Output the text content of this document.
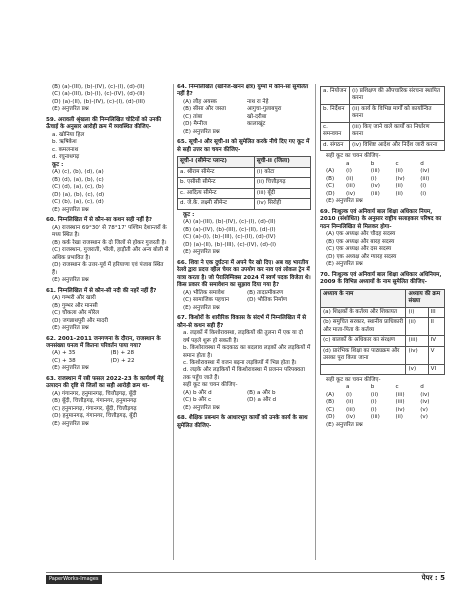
(B) (a)-(III), (b)-(IV), (c)-(I), (d)-(II)
(C) (a)-(III), (b)-(I), (c)-(IV), (d)-(II)
(D) (a)-(II), (b)-(IV), (c)-(I), (d)-(III)
(E) अनुत्तरित प्रश्न
59. अरावली श्रृंखला की निम्नलिखित चोटियों को उनकी ऊँचाई के अनुसार आरोही क्रम में व्यवस्थित कीजिए-
a. खोनिया हिल
b. ऋषिकेश
c. कमलनाथ
d. रघुनाथगढ़
कूट :
(A) (c), (b), (d), (a)
(B) (d), (a), (b), (c)
(C) (d), (a), (c), (b)
(D) (a), (b), (c), (d)
(C) (b), (a), (c), (d)
(E) अनुत्तरित प्रश्न
60. निम्नलिखित में से कौन-सा कथन सही नहीं है?
(A) राजस्थान 69°30' से 78°17' पश्चिम देशान्तरों के मध्य स्थित है।
(B) कर्क रेखा राजस्थान के दो जिलों से होकर गुजरती है।
(C) राजस्थान, गुजराती, भीली, हाड़ौती और अन्य बोली से अधिक प्रभावित है।
(D) राजस्थान के उत्तर-पूर्व में हरियाणा एवं पंजाब स्थित हैं।
(E) अनुत्तरित प्रश्न
61. निम्नलिखित में से कौन-सी नदी की नहरें नहीं हैं?
(A) गम्भरी और खारी
(B) गुम्भर और मानसी
(C) चौकला और मोरेल
(D) जगन्नाथपुरी और मादरी
(E) अनुत्तरित प्रश्न
62. 2001–2011 जनगणना के दौरान, राजस्थान के जनसंख्या घनत्व में कितना परिवर्तन पाया गया?
(A) + 35	(B) + 28
(C) + 38	(D) + 22
(E) अनुत्तरित प्रश्न
63. राजस्थान में रबी फसल 2022-23 के कार्यवर्ष मेंहूं उत्पादन की दृष्टि से जिलों का सही आरोही क्रम था-
(A) गंगानगर, हनुमानगढ़, चित्तौड़गढ़, बूँदी
(B) बूँदी, चित्तौड़गढ़, गंगानगर, हनुमानगढ़
(C) हनुमानगढ़, गंगानगर, बूँदी, चित्तौड़गढ़
(D) हनुमानगढ़, गंगानगर, चित्तौड़गढ़, बूँदी
(E) अनुत्तरित प्रश्न
64. निम्नलिखित (खनिज-खनन क्षेत्र) युग्मों में कौन-सा सुमेलित नहीं है?
(A) लौह अयस्क	नाथ रा नेहे
(B) सीसा और जस्ता	आगुचा-गुलाबपुरा
(C) तांबा	खो-दरीबा
(D) मैग्नीज	कालाखूंट
(E) अनुत्तरित प्रश्न
65. सूची-I और सूची-II को सुमेलित करके नीचे दिए गए कूट में से सही उत्तर का चयन कीजिए-
सूची-I (सीमेन्ट प्लान्ट)	सूची-II (जिला)
a. श्रीराम सीमेन्ट	(i) कोटा
b. एसीसी सीमेन्ट	(ii) चित्तौड़गढ़
c. आदित्य सीमेन्ट	(iii) बूँदी
d. जे.के. लक्ष्मी सीमेन्ट	(iv) सिरोही
कूट :
(A) (a)-(III), (b)-(IV), (c)-(I), (d)-(II)
(B) (a)-(IV), (b)-(III), (c)-(II), (d)-(I)
(C) (a)-(I), (b)-(III), (c)-(II), (d)-(IV)
(D) (a)-(II), (b)-(III), (c)-(IV), (d)-(I)
(E) अनुत्तरित प्रश्न
66. शिवा ने एक दुर्घटना में अपने पैर खो दिए। अब वह भारतीय रेलवे द्वारा प्रदत्त व्हील चेयर का उपयोग कर नाव एवं लोकल ट्रेन में यात्रा करता है। जो पैरालिम्पिक्स 2024 में स्वर्ण पदक विजेता थे। किस प्रकार की समावेशन का सुझाव दिया गया है?
(A) भौतिक समावेश	(B) तादात्मीकरण
(C) सामाजिक पहचान	(D) भौतिक निर्माण
(E) अनुत्तरित प्रश्न
67. किशोरों के शारीरिक विकास के संदर्भ में निम्नलिखित में से कौन-से कथन सही हैं?
a. लड़कों में किशोरावस्था, लड़कियों की तुलना में एक या दो वर्ष पहले शुरू हो सकती है।
b. किशोरावस्था में कदकाठ का बदलाव लड़कों और लड़कियों में समान होता है।
c. किशोरावस्था में वजन बढ़ना लड़कियों में भिन्न होता है।
d. लड़के और लड़कियों में किशोरावस्था में प्रजनन परिपक्वता तक पहुँच जाते हैं।
सही कूट का चयन कीजिए-
(A) b और d	(B) a और b
(C) b और c	(D) a और d
(E) अनुत्तरित प्रश्न
68. शैक्षिक प्रबन्धन के आधारभूत कार्यों को उनके कार्य के साथ सुमेलित कीजिए-
a. नियोजन	(i) प्रशिक्षण की औपचारिक संरचना स्थापित करना
b. निर्देशन	(ii) कार्य के विभिन्न मार्गों को कार्यान्वित करना
c. समन्वयन	(iii) किए जाने वाले कार्यों का निर्धारण करना
d. संगठन	(iv) विशिष्ट आदेश और निर्देश जारी करना
सही कूट का चयन कीजिए-
a	b	c	d
(A)	(i)	(iii)	(ii)	(iv)
(B)	(ii)	(i)	(iv)	(iii)
(C)	(iii)	(iv)	(ii)	(i)
(D)	(iv)	(iii)	(ii)	(i)
(E) अनुत्तरित प्रश्न
69. निःशुल्क एवं अनिवार्य बाल शिक्षा अधिकार नियम, 2010 (संशोधित) के अनुसार राष्ट्रीय सलाहकार परिषद का गठन निम्नलिखित से मिलकर होगा-
(A) एक अध्यक्ष और चौदह सदस्य
(B) एक अध्यक्ष और बारह सदस्य
(C) एक अध्यक्ष और दस सदस्य
(D) एक अध्यक्ष और ग्यारह सदस्य
(E) अनुत्तरित प्रश्न
70. निःशुल्क एवं अनिवार्य बाल शिक्षा अधिकार अधिनियम, 2009 के विभिन्न अध्यायों के नाम सुमेलित कीजिए-
अध्याय के नाम	अध्याय की क्रम संख्या	
(a) शिक्षकों के कर्तव्य और शिकायत	(i)	III
(b) समुचित सरकार, स्थानीय प्राधिकारी और माता-पिता के कर्तव्य	(ii)	II
(c) बालकों के अधिकार का संरक्षण	(iii)	IV
(d) प्रारंभिक शिक्षा का पाठ्यक्रम और उसका पूरा किया जाना	(iv)	V
	(v)	VI
सही कूट का चयन कीजिए-
a	b	c	d
(A)	(i)	(ii)	(iii)	(iv)
(B)	(ii)	(i)	(iii)	(iv)
(C)	(iii)	(i)	(iv)	(v)
(D)	(iv)	(iii)	(ii)	(v)
(E) अनुत्तरित प्रश्न
PaperWorks-Images	पेपर : 5
